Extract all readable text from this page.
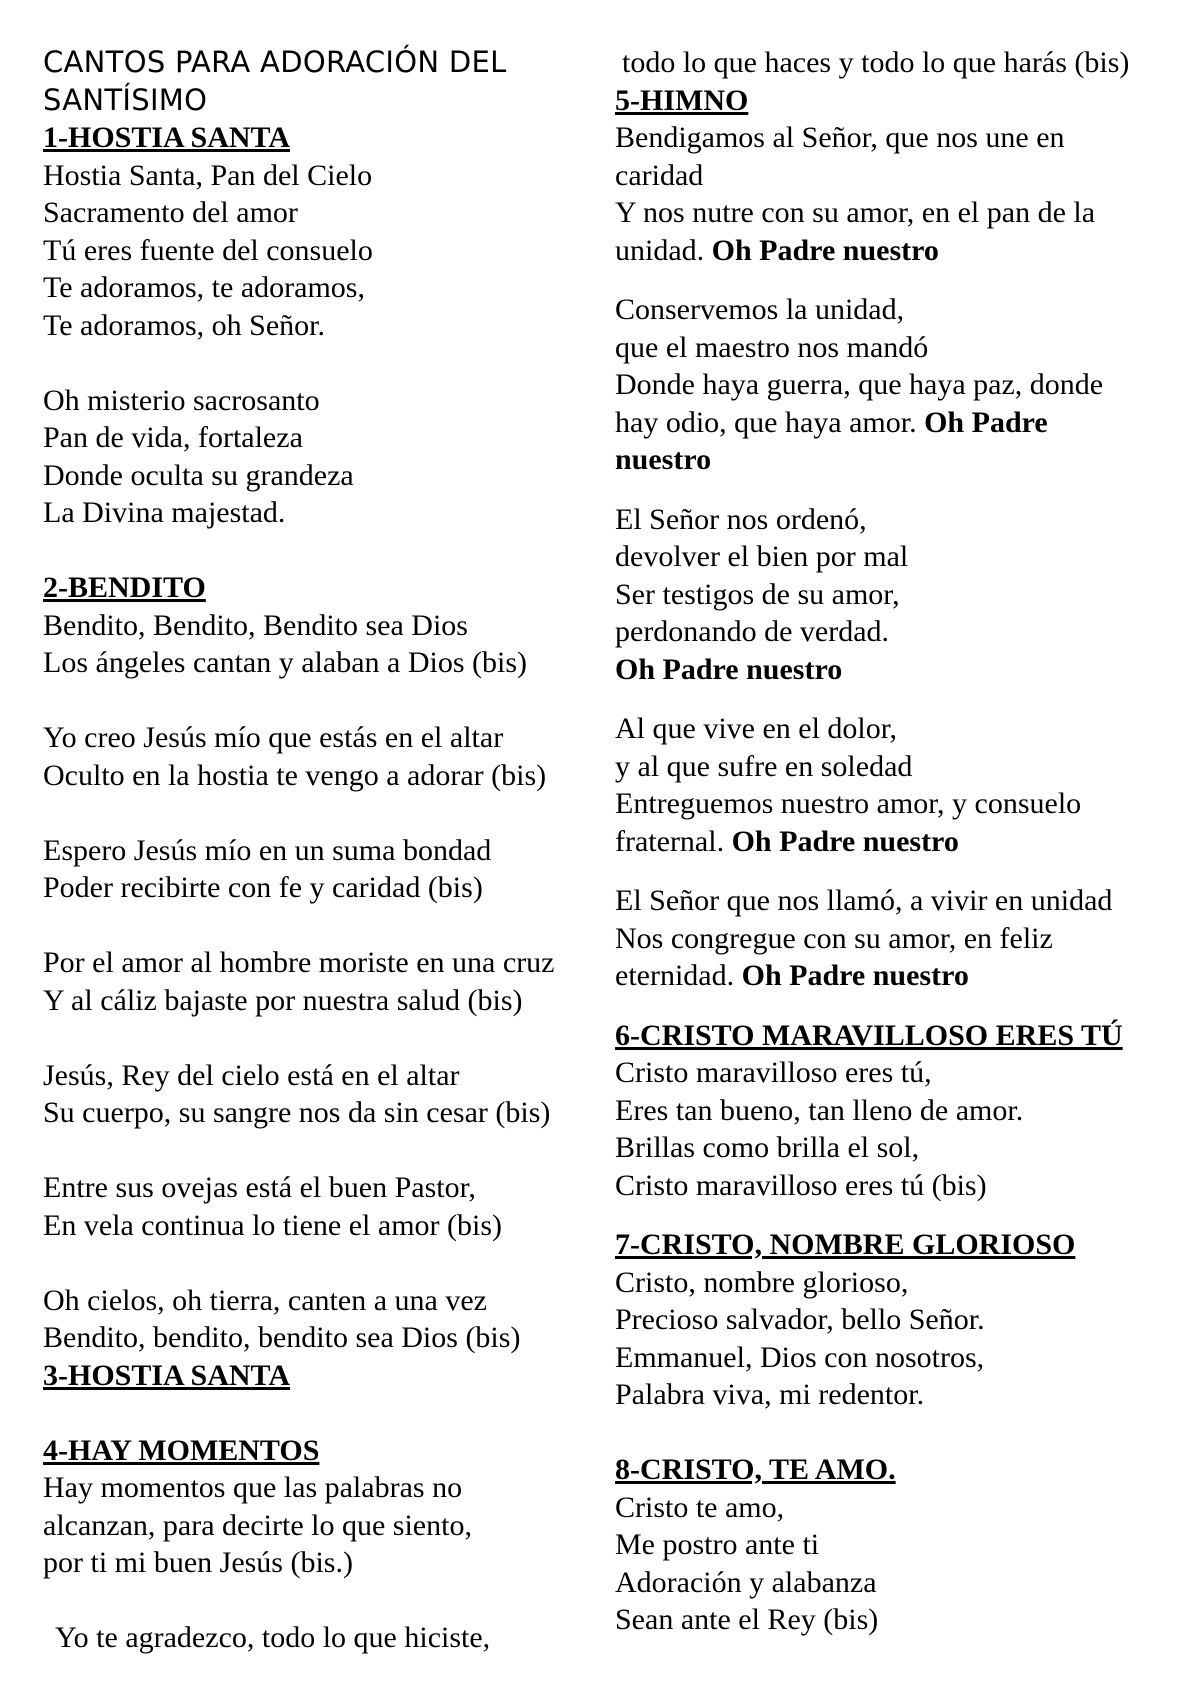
CANTOS PARA ADORACIÓN DEL
SANTÍSIMO
1-HOSTIA SANTA
Hostia Santa, Pan del Cielo
Sacramento del amor
Tú eres fuente del consuelo
Te adoramos, te adoramos,
Te adoramos, oh Señor.
Oh misterio sacrosanto
Pan de vida, fortaleza
Donde oculta su grandeza
La Divina majestad.
2-BENDITO
Bendito, Bendito, Bendito sea Dios
Los ángeles cantan y alaban a Dios (bis)
Yo creo Jesús mío que estás en el altar
Oculto en la hostia te vengo a adorar (bis)
Espero Jesús mío en un suma bondad
Poder recibirte con fe y caridad (bis)
Por el amor al hombre moriste en una cruz
Y al cáliz bajaste por nuestra salud (bis)
Jesús, Rey del cielo está en el altar
Su cuerpo, su sangre nos da sin cesar (bis)
Entre sus ovejas está el buen Pastor,
En vela continua lo tiene el amor (bis)
Oh cielos, oh tierra, canten a una vez
Bendito, bendito, bendito sea Dios (bis)
3-HOSTIA SANTA
4-HAY MOMENTOS
Hay momentos que las palabras no
alcanzan, para decirte lo que siento,
por ti mi buen Jesús (bis.)
Yo te agradezco, todo lo que hiciste,
todo lo que haces y todo lo que harás (bis)
5-HIMNO
Bendigamos al Señor, que nos une en
caridad
Y nos nutre con su amor, en el pan de la
unidad. Oh Padre nuestro
Conservemos la unidad,
que el maestro nos mandó
Donde haya guerra, que haya paz, donde
hay odio, que haya amor. Oh Padre
nuestro
El Señor nos ordenó,
devolver el bien por mal
Ser testigos de su amor,
perdonando de verdad.
Oh Padre nuestro
Al que vive en el dolor,
y al que sufre en soledad
Entreguemos nuestro amor, y consuelo
fraternal. Oh Padre nuestro
El Señor que nos llamó, a vivir en unidad
Nos congregue con su amor, en feliz
eternidad. Oh Padre nuestro
6-CRISTO MARAVILLOSO ERES TÚ
Cristo maravilloso eres tú,
Eres tan bueno, tan lleno de amor.
Brillas como brilla el sol,
Cristo maravilloso eres tú (bis)
7-CRISTO, NOMBRE GLORIOSO
Cristo, nombre glorioso,
Precioso salvador, bello Señor.
Emmanuel, Dios con nosotros,
Palabra viva, mi redentor.
8-CRISTO, TE AMO.
Cristo te amo,
Me postro ante ti
Adoración y alabanza
Sean ante el Rey (bis)
